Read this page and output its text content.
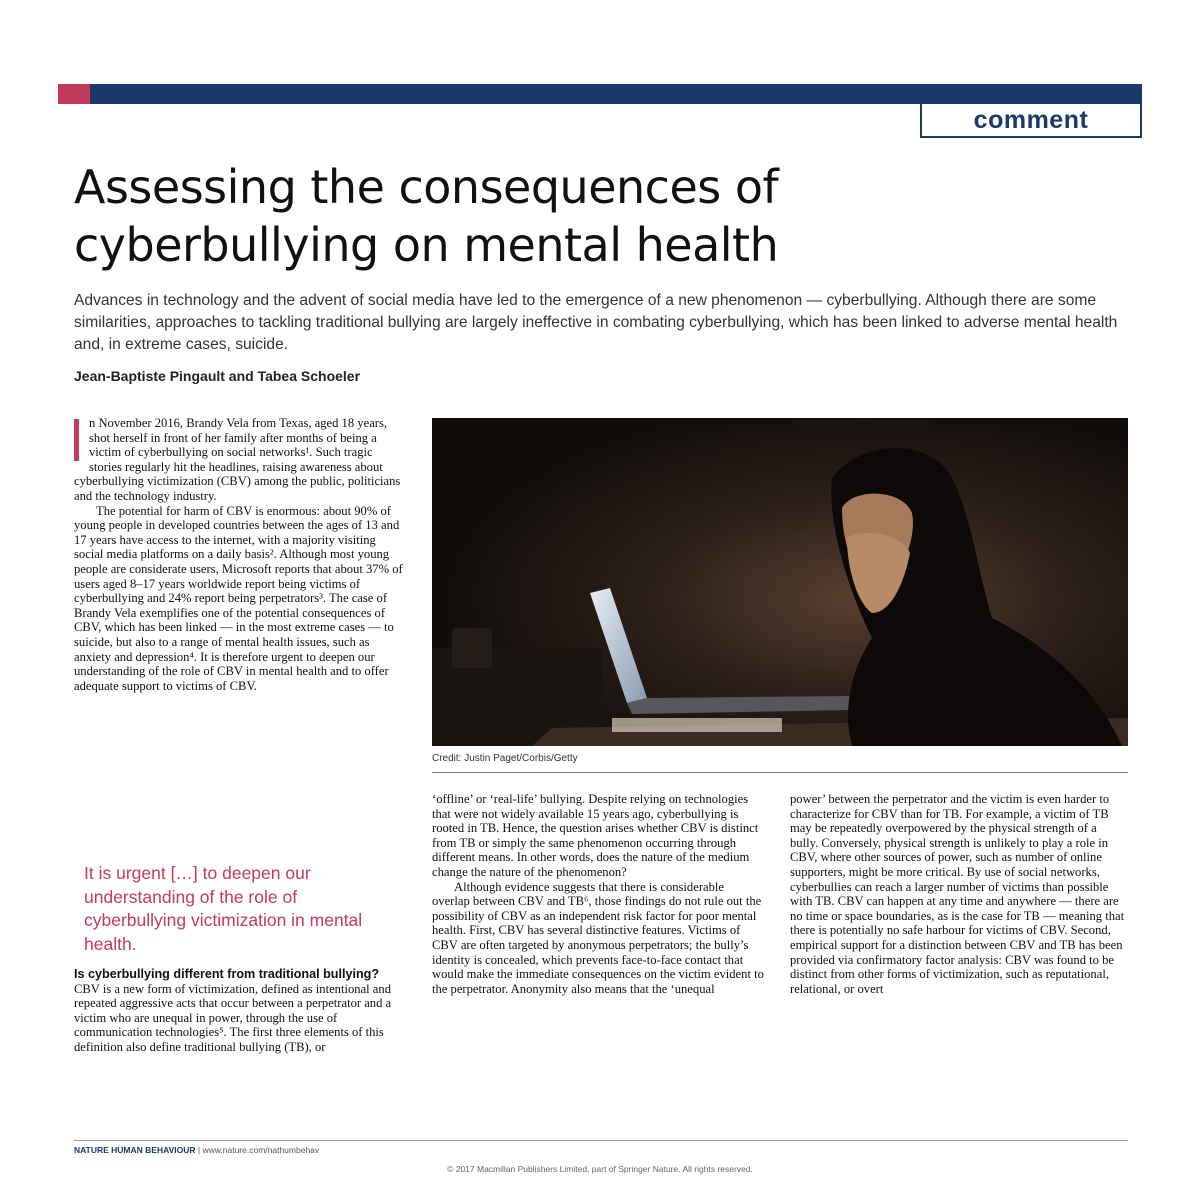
comment
Assessing the consequences of
cyberbullying on mental health

Advances in technology and the advent of social media have led to the emergence of a new phenomenon — cyberbullying. Although there are some similarities, approaches to tackling traditional bullying are largely ineffective in combating cyberbullying, which has been linked to adverse mental health and, in extreme cases, suicide.

Jean-Baptiste Pingault and Tabea Schoeler

n November 2016, Brandy Vela from Texas, aged 18 years, shot herself in front of her family after months of being a victim of cyberbullying on social networks¹. Such tragic stories regularly hit the headlines, raising awareness about cyberbullying victimization (CBV) among the public, politicians and the technology industry.

The potential for harm of CBV is enormous: about 90% of young people in developed countries between the ages of 13 and 17 years have access to the internet, with a majority visiting social media platforms on a daily basis². Although most young people are considerate users, Microsoft reports that about 37% of users aged 8–17 years worldwide report being victims of cyberbullying and 24% report being perpetrators³. The case of Brandy Vela exemplifies one of the potential consequences of CBV, which has been linked — in the most extreme cases — to suicide, but also to a range of mental health issues, such as anxiety and depression⁴. It is therefore urgent to deepen our understanding of the role of CBV in mental health and to offer adequate support to victims of CBV.

It is urgent […] to deepen our understanding of the role of cyberbullying victimization in mental health.

Is cyberbullying different from traditional bullying?

CBV is a new form of victimization, defined as intentional and repeated aggressive acts that occur between a perpetrator and a victim who are unequal in power, through the use of communication technologies⁵. The first three elements of this definition also define traditional bullying (TB), or

Credit: Justin Paget/Corbis/Getty

‘offline’ or ‘real-life’ bullying. Despite relying on technologies that were not widely available 15 years ago, cyberbullying is rooted in TB. Hence, the question arises whether CBV is distinct from TB or simply the same phenomenon occurring through different means. In other words, does the nature of the medium change the nature of the phenomenon?

Although evidence suggests that there is considerable overlap between CBV and TB⁶, those findings do not rule out the possibility of CBV as an independent risk factor for poor mental health. First, CBV has several distinctive features. Victims of CBV are often targeted by anonymous perpetrators; the bully’s identity is concealed, which prevents face-to-face contact that would make the immediate consequences on the victim evident to the perpetrator. Anonymity also means that the ‘unequal

power’ between the perpetrator and the victim is even harder to characterize for CBV than for TB. For example, a victim of TB may be repeatedly overpowered by the physical strength of a bully. Conversely, physical strength is unlikely to play a role in CBV, where other sources of power, such as number of online supporters, might be more critical. By use of social networks, cyberbullies can reach a larger number of victims than possible with TB. CBV can happen at any time and anywhere — there are no time or space boundaries, as is the case for TB — meaning that there is potentially no safe harbour for victims of CBV. Second, empirical support for a distinction between CBV and TB has been provided via confirmatory factor analysis: CBV was found to be distinct from other forms of victimization, such as reputational, relational, or overt

NATURE HUMAN BEHAVIOUR | www.nature.com/nathumbehav

© 2017 Macmillan Publishers Limited, part of Springer Nature. All rights reserved.
